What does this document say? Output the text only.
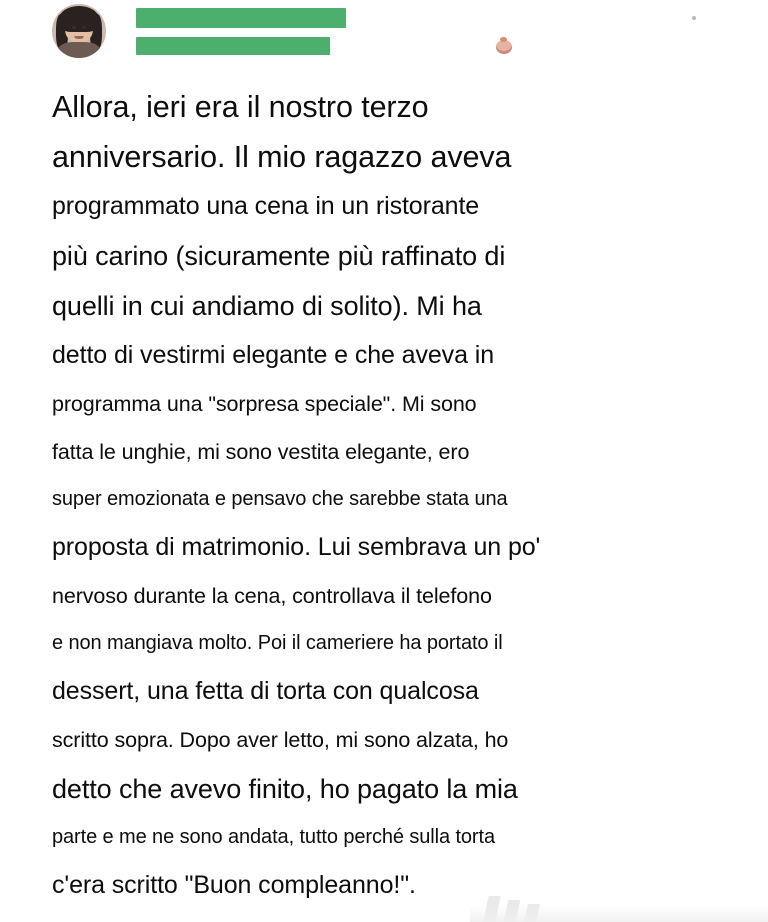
Allora, ieri era il nostro terzo
anniversario. Il mio ragazzo aveva
programmato una cena in un ristorante
più carino (sicuramente più raffinato di
quelli in cui andiamo di solito). Mi ha
detto di vestirmi elegante e che aveva in
programma una "sorpresa speciale". Mi sono
fatta le unghie, mi sono vestita elegante, ero
super emozionata e pensavo che sarebbe stata una
proposta di matrimonio. Lui sembrava un po'
nervoso durante la cena, controllava il telefono
e non mangiava molto. Poi il cameriere ha portato il
dessert, una fetta di torta con qualcosa
scritto sopra. Dopo aver letto, mi sono alzata, ho
detto che avevo finito, ho pagato la mia
parte e me ne sono andata, tutto perché sulla torta
c'era scritto "Buon compleanno!".
